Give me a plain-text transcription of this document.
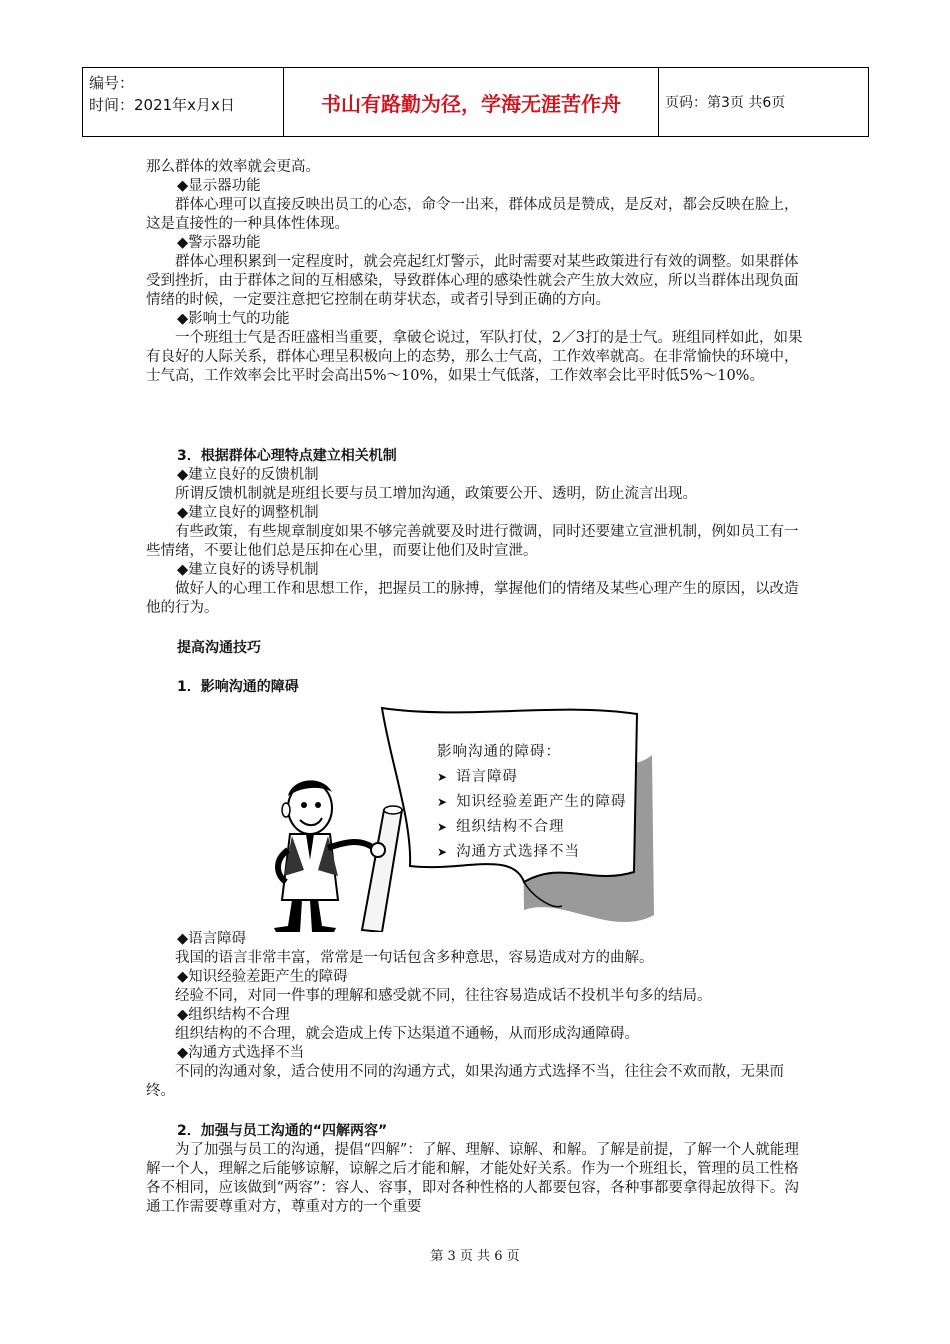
编号：
时间：2021年x月x日	书山有路勤为径，学海无涯苦作舟	页码：第3页 共6页

那么群体的效率就会更高。

◆显示器功能

群体心理可以直接反映出员工的心态，命令一出来，群体成员是赞成，是反对，都会反映在脸上，这是直接性的一种具体性体现。

◆警示器功能

群体心理积累到一定程度时，就会亮起红灯警示，此时需要对某些政策进行有效的调整。如果群体受到挫折，由于群体之间的互相感染，导致群体心理的感染性就会产生放大效应，所以当群体出现负面情绪的时候，一定要注意把它控制在萌芽状态，或者引导到正确的方向。

◆影响士气的功能

一个班组士气是否旺盛相当重要，拿破仑说过，军队打仗，2／3打的是士气。班组同样如此，如果有良好的人际关系，群体心理呈积极向上的态势，那么士气高，工作效率就高。在非常愉快的环境中，士气高，工作效率会比平时会高出5%～10%，如果士气低落，工作效率会比平时低5%～10%。

3．根据群体心理特点建立相关机制

◆建立良好的反馈机制

所谓反馈机制就是班组长要与员工增加沟通，政策要公开、透明，防止流言出现。

◆建立良好的调整机制

有些政策，有些规章制度如果不够完善就要及时进行微调，同时还要建立宣泄机制，例如员工有一些情绪，不要让他们总是压抑在心里，而要让他们及时宣泄。

◆建立良好的诱导机制

做好人的心理工作和思想工作，把握员工的脉搏，掌握他们的情绪及某些心理产生的原因，以改造他的行为。

提高沟通技巧

1．影响沟通的障碍

影响沟通的障碍：
➤ 语言障碍
➤ 知识经验差距产生的障碍
➤ 组织结构不合理
➤ 沟通方式选择不当

◆语言障碍

我国的语言非常丰富，常常是一句话包含多种意思，容易造成对方的曲解。

◆知识经验差距产生的障碍

经验不同，对同一件事的理解和感受就不同，往往容易造成话不投机半句多的结局。

◆组织结构不合理

组织结构的不合理，就会造成上传下达渠道不通畅，从而形成沟通障碍。

◆沟通方式选择不当

不同的沟通对象，适合使用不同的沟通方式，如果沟通方式选择不当，往往会不欢而散，无果而终。

2．加强与员工沟通的“四解两容”

为了加强与员工的沟通，提倡“四解”：了解、理解、谅解、和解。了解是前提，了解一个人就能理解一个人，理解之后能够谅解，谅解之后才能和解，才能处好关系。作为一个班组长，管理的员工性格各不相同，应该做到“两容”：容人、容事，即对各种性格的人都要包容，各种事都要拿得起放得下。沟通工作需要尊重对方，尊重对方的一个重要

第 3 页 共 6 页
